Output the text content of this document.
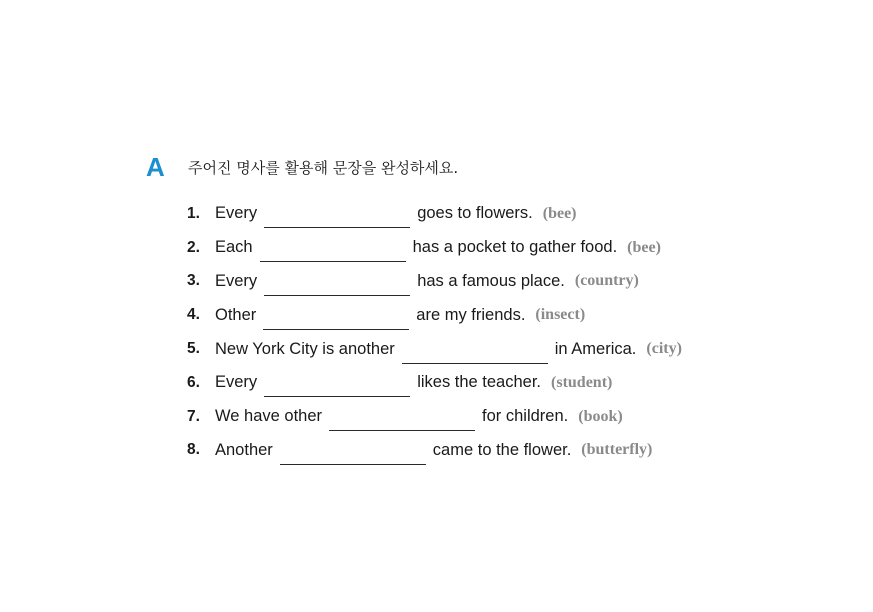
A 주어진 명사를 활용해 문장을 완성하세요.
1. Every	goes to flowers. (bee)
2. Each	has a pocket to gather food. (bee)
3. Every	has a famous place. (country)
4. Other	are my friends. (insect)
5. New York City is another	in America. (city)
6. Every	likes the teacher. (student)
7. We have other	for children. (book)
8. Another	came to the flower. (butterfly)
